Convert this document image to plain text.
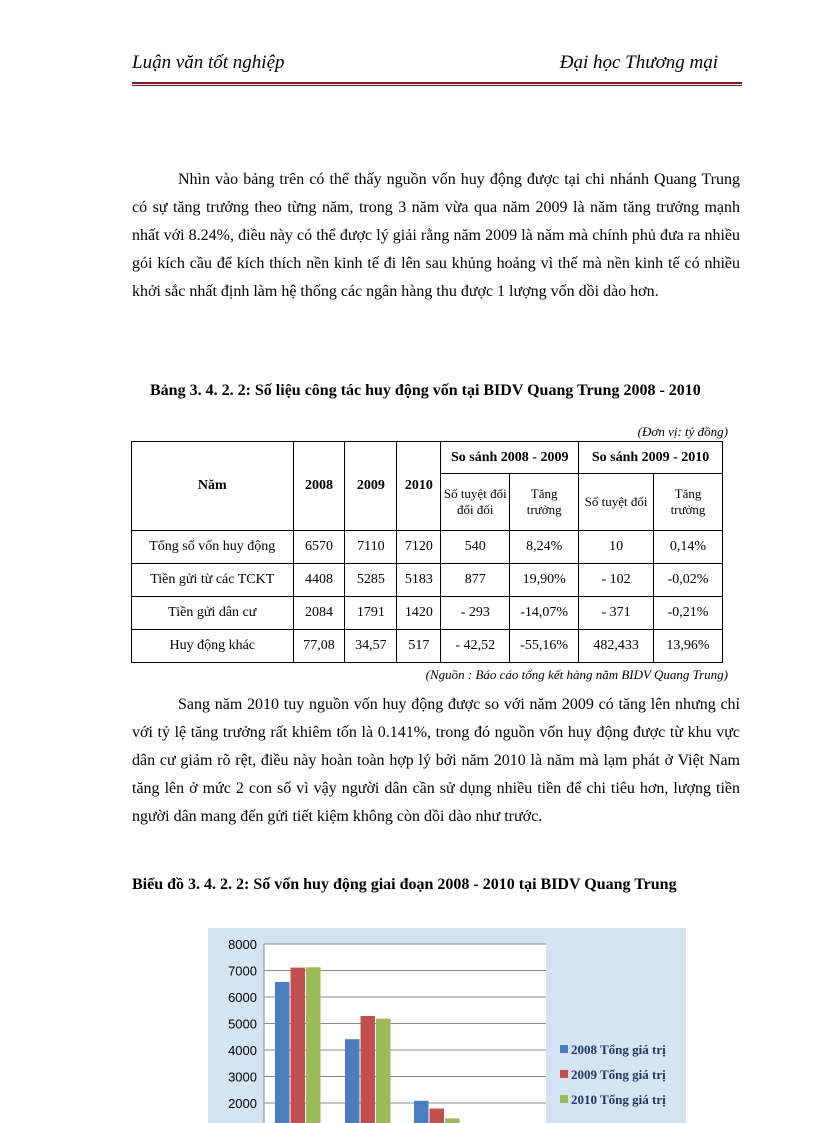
Luận văn tốt nghiệp	Đại học Thương mại

Nhìn vào bảng trên có thể thấy nguồn vốn huy động được tại chi nhánh Quang Trung có sự tăng trưởng theo từng năm, trong 3 năm vừa qua năm 2009 là năm tăng trưởng mạnh nhất với 8.24%, điều này có thể được lý giải rằng năm 2009 là năm mà chính phủ đưa ra nhiều gói kích cầu để kích thích nền kinh tế đi lên sau khủng hoảng vì thế mà nền kinh tế có nhiều khởi sắc nhất định làm hệ thống các ngân hàng thu được 1 lượng vốn dồi dào hơn.

Bảng 3. 4. 2. 2: Số liệu công tác huy động vốn tại BIDV Quang Trung 2008 - 2010

(Đơn vị: tỷ đồng)
Năm	2008	2009	2010	So sánh 2008 - 2009		So sánh 2009 - 2010	
				Số tuyệt đối đối đối	Tăng trưởng	Số tuyệt đối	Tăng trưởng
Tổng số vốn huy động	6570	7110	7120	540	8,24%	10	0,14%
Tiền gửi từ các TCKT	4408	5285	5183	877	19,90%	- 102	-0,02%
Tiền gửi dân cư	2084	1791	1420	- 293	-14,07%	- 371	-0,21%
Huy động khác	77,08	34,57	517	- 42,52	-55,16%	482,433	13,96%
(Nguồn : Báo cáo tổng kết hàng năm BIDV Quang Trung)

Sang năm 2010 tuy nguồn vốn huy động được so với năm 2009 có tăng lên nhưng chỉ với tỷ lệ tăng trưởng rất khiêm tốn là 0.141%, trong đó nguồn vốn huy động được từ khu vực dân cư giảm rõ rệt, điều này hoàn toàn hợp lý bởi năm 2010 là năm mà lạm phát ở Việt Nam tăng lên ở mức 2 con số vì vậy người dân cần sử dụng nhiều tiền để chi tiêu hơn, lượng tiền người dân mang đến gửi tiết kiệm không còn dồi dào như trước.

Biểu đồ 3. 4. 2. 2: Số vốn huy động giai đoạn 2008 - 2010 tại BIDV Quang Trung
8000
7000
6000
5000
4000
3000
2000
2008 Tổng giá trị
2009 Tổng giá trị
2010 Tổng giá trị
